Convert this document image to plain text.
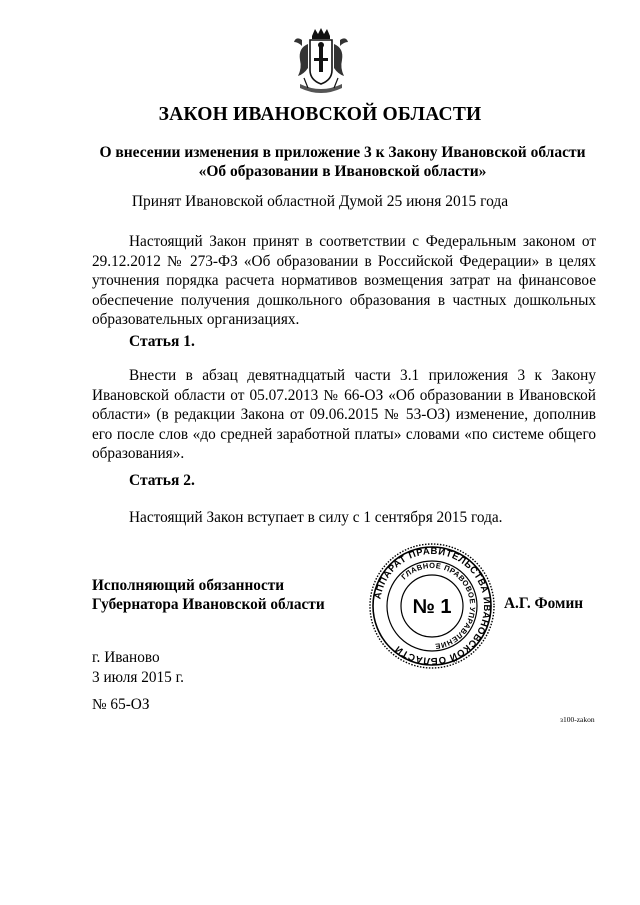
ЗАКОН ИВАНОВСКОЙ ОБЛАСТИ
О внесении изменения в приложение 3 к Закону Ивановской области
«Об образовании в Ивановской области»
Принят Ивановской областной Думой 25 июня 2015 года
Настоящий Закон принят в соответствии с Федеральным законом от 29.12.2012 № 273-ФЗ «Об образовании в Российской Федерации» в целях уточнения порядка расчета нормативов возмещения затрат на финансовое обеспечение получения дошкольного образования в частных дошкольных образовательных организациях.
Статья 1.
Внести в абзац девятнадцатый части 3.1 приложения 3 к Закону Ивановской области от 05.07.2013 № 66-ОЗ «Об образовании в Ивановской области» (в редакции Закона от 09.06.2015 № 53-ОЗ) изменение, дополнив его после слов «до средней заработной платы» словами «по системе общего образования».
Статья 2.
Настоящий Закон вступает в силу с 1 сентября 2015 года.
Исполняющий обязанности
Губернатора Ивановской области
АППАРАТ ПРАВИТЕЛЬСТВА ИВАНОВСКОЙ ОБЛАСТИ
ГЛАВНОЕ ПРАВОВОЕ УПРАВЛЕНИЕ
№ 1	А.Г. Фомин
г. Иваново
3 июля 2015 г.
№ 65-ОЗ
з100-zakon
